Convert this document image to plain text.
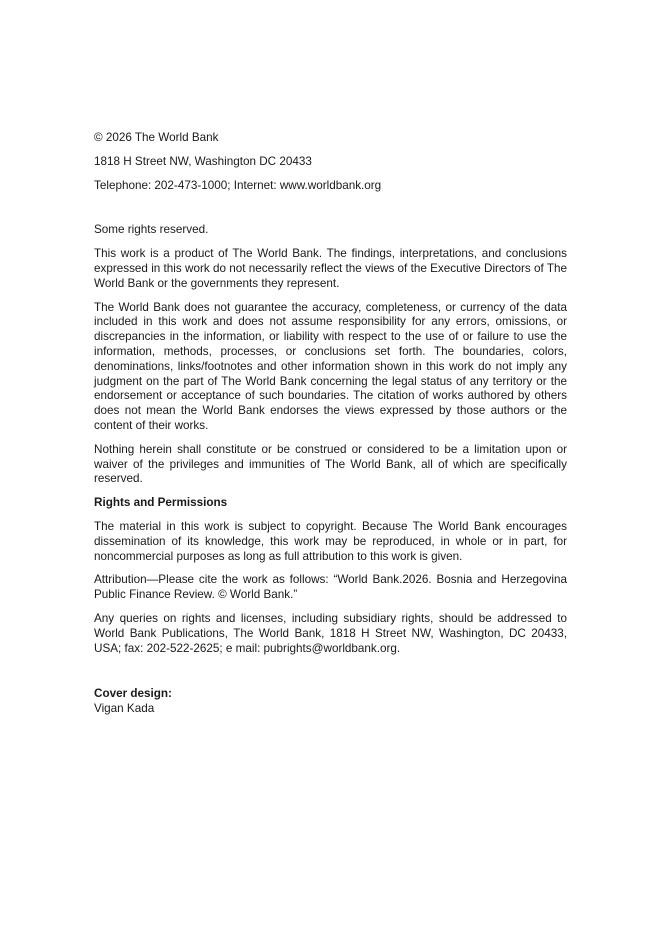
© 2026 The World Bank

1818 H Street NW, Washington DC 20433

Telephone: 202-473-1000; Internet: www.worldbank.org

Some rights reserved.

This work is a product of The World Bank. The findings, interpretations, and conclusions expressed in this work do not necessarily reflect the views of the Executive Directors of The World Bank or the governments they represent.

The World Bank does not guarantee the accuracy, completeness, or currency of the data included in this work and does not assume responsibility for any errors, omissions, or discrepancies in the information, or liability with respect to the use of or failure to use the information, methods, processes, or conclusions set forth. The boundaries, colors, denominations, links/footnotes and other information shown in this work do not imply any judgment on the part of The World Bank concerning the legal status of any territory or the endorsement or acceptance of such boundaries. The citation of works authored by others does not mean the World Bank endorses the views expressed by those authors or the content of their works.

Nothing herein shall constitute or be construed or considered to be a limitation upon or waiver of the privileges and immunities of The World Bank, all of which are specifically reserved.

Rights and Permissions

The material in this work is subject to copyright. Because The World Bank encourages dissemination of its knowledge, this work may be reproduced, in whole or in part, for noncommercial purposes as long as full attribution to this work is given.

Attribution—Please cite the work as follows: “World Bank.2026. Bosnia and Herzegovina Public Finance Review. © World Bank.”

Any queries on rights and licenses, including subsidiary rights, should be addressed to World Bank Publications, The World Bank, 1818 H Street NW, Washington, DC 20433, USA; fax: 202-522-2625; e mail: pubrights@worldbank.org.

Cover design:

Vigan Kada
